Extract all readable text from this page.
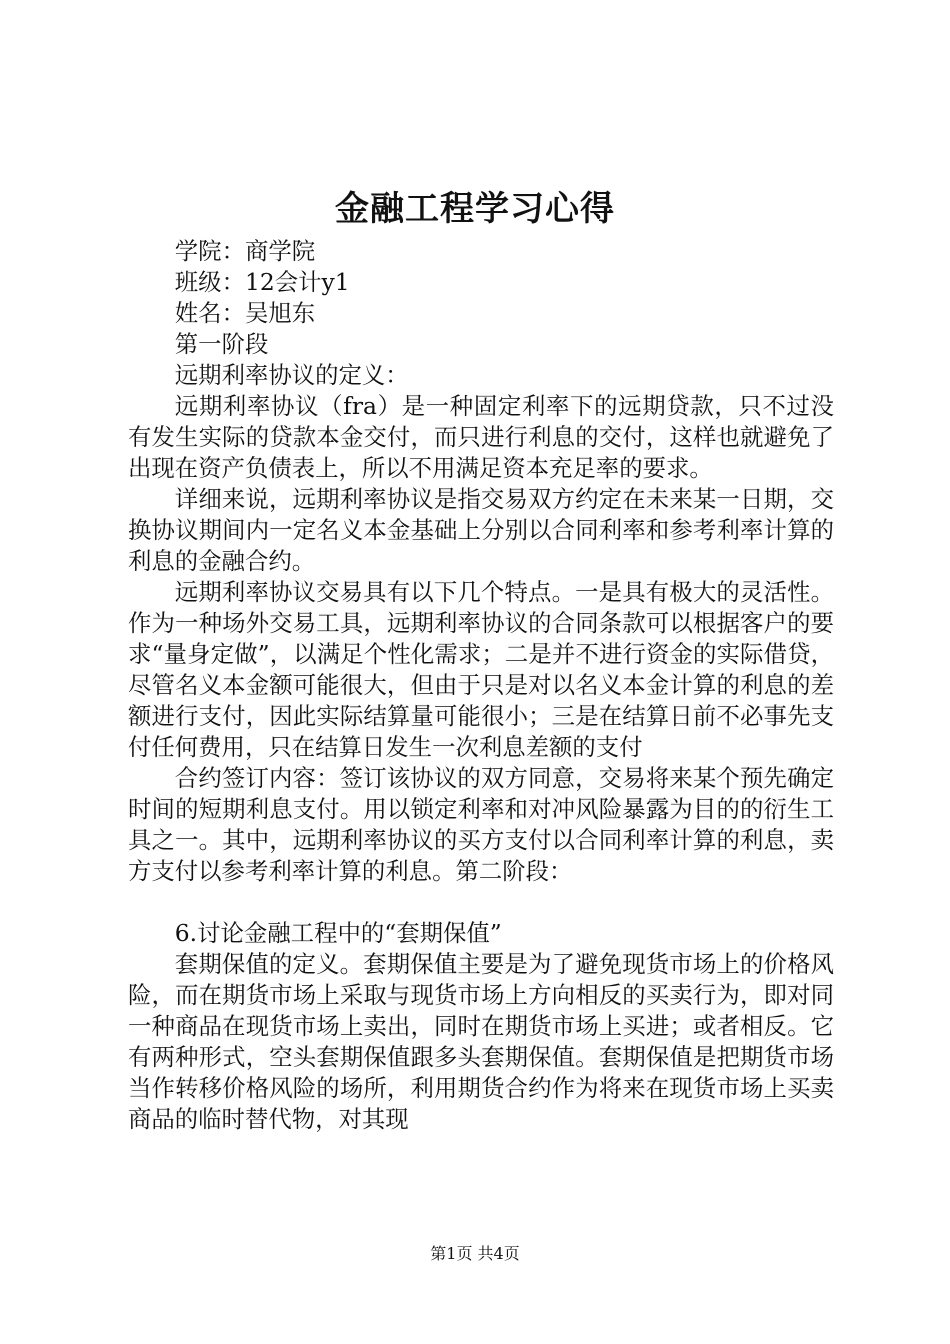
金融工程学习心得

学院：商学院

班级：12会计y1

姓名：吴旭东

第一阶段

远期利率协议的定义：

远期利率协议（fra）是一种固定利率下的远期贷款，只不过没有发生实际的贷款本金交付，而只进行利息的交付，这样也就避免了出现在资产负债表上，所以不用满足资本充足率的要求。

详细来说，远期利率协议是指交易双方约定在未来某一日期，交换协议期间内一定名义本金基础上分别以合同利率和参考利率计算的利息的金融合约。

远期利率协议交易具有以下几个特点。一是具有极大的灵活性。作为一种场外交易工具，远期利率协议的合同条款可以根据客户的要求“量身定做”，以满足个性化需求；二是并不进行资金的实际借贷，尽管名义本金额可能很大，但由于只是对以名义本金计算的利息的差额进行支付，因此实际结算量可能很小；三是在结算日前不必事先支付任何费用，只在结算日发生一次利息差额的支付

合约签订内容：签订该协议的双方同意，交易将来某个预先确定时间的短期利息支付。用以锁定利率和对冲风险暴露为目的的衍生工具之一。其中，远期利率协议的买方支付以合同利率计算的利息，卖方支付以参考利率计算的利息。第二阶段：

6.讨论金融工程中的“套期保值”

套期保值的定义。套期保值主要是为了避免现货市场上的价格风险，而在期货市场上采取与现货市场上方向相反的买卖行为，即对同一种商品在现货市场上卖出，同时在期货市场上买进；或者相反。它有两种形式，空头套期保值跟多头套期保值。套期保值是把期货市场当作转移价格风险的场所，利用期货合约作为将来在现货市场上买卖商品的临时替代物，对其现

第1页 共4页
